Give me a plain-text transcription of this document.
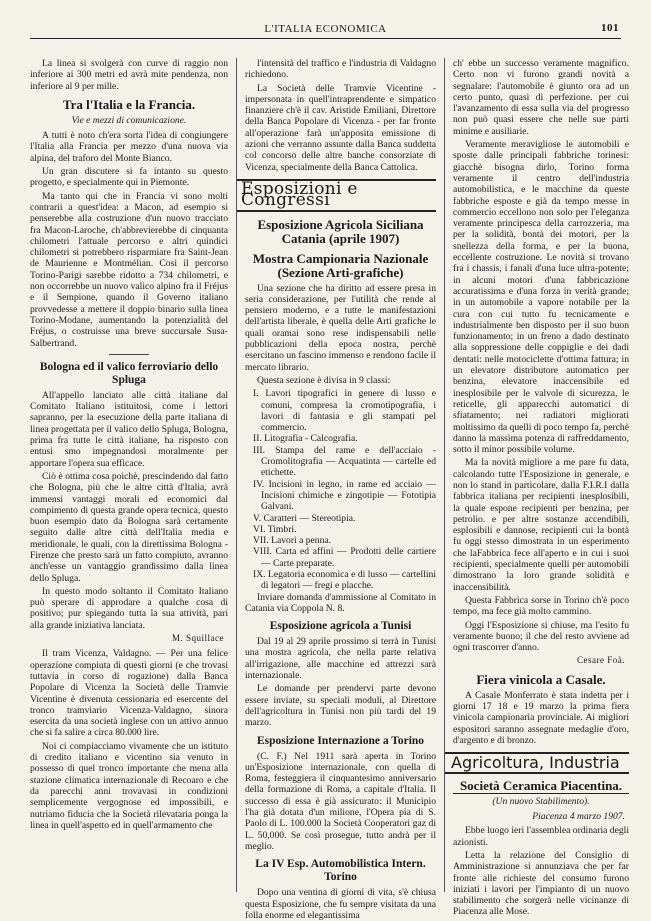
L'ITALIA ECONOMICA	101

La linea si svolgerà con curve di raggio non inferiore ai 300 metri ed avrà mite pendenza, non inferiore al 9 per mille.

Tra l'Italia e la Francia.
Vie e mezzi di comunicazione.

A tutti è noto ch'era sorta l'idea di congiungere l'Italia alla Francia per mezzo d'una nuova via alpina, del traforo del Monte Bianco.

Un gran discutere si fa intanto su questo progetto, e specialmente qui in Piemonte.

Ma tanto qui che in Francia vi sono molti contrarii a quest'idea: a Macon, ad esempio si penserebbe alla costruzione d'un nuovo tracciato fra Macon-Laroche, ch'abbrevierebbe di cinquanta chilometri l'attuale percorso e altri quindici chilometri si potrebbero risparmiare fra Saint-Jean de Maurienne e Montmélian. Così il percorso Torino-Parigi sarebbe ridotto a 734 chilometri, e non occorrebbe un nuovo valico alpino fra il Fréjus e il Sempione, quando il Governo italiano provvedesse a mettere il doppio binario sulla linea Torino-Modane, aumentando la potenzialità del Fréjus, o costruisse una breve succursale Susa-Salbertrand.

Bologna ed il valico ferroviario dello Spluga

All'appello lanciato alle città italiane dal Comitato Italiano istituitosi, come i lettori sapranno, per la esecuzione della parte italiana di linea progettata per il valico dello Spluga, Bologna, prima fra tutte le città italiane, ha risposto con entusi smo impegnandosi moralmente per apportare l'opera sua efficace.

Ciò è ottima cosa poichè, prescindendo dal fatto che Bologna, più che le altre città d'Italia, avrà immensi vantaggi morali ed economici dal compimento di questa grande opera tecnica, questo buon esempio dato da Bologna sarà certamente seguito dalle altre città dell'Italia media e meridionale, le quali, con la direttissima Bologna - Firenze che presto sarà un fatto compiuto, avranno anch'esse un vantaggio grandissimo dalla linea dello Spluga.

In questo modo soltanto il Comitato Italiano può sperare di approdare a qualche cosa di positivo; pur spiegando tutta la sua attività, pari alla grande iniziativa lanciata.

M. Squillace

Il tram Vicenza, Valdagno. — Per una felice operazione compiuta di questi giorni (e che trovasi tuttavia in corso di rogazione) dalla Banca Popolare di Vicenza la Società delle Tramvie Vicentine è divenuta cessionaria ed esercente del tronco tramviario Vicenza-Valdagno, sinora esercita da una società inglese con un attivo annuo che si fa salire a circa 80.000 lire.

Noi ci compiacciamo vivamente che un istituto di credito italiano e vicentino sia venuto in possesso di quel tronco importante che mena alla stazione climatica internazionale di Recoaro e che da parecchi anni trovavasi in condizioni semplicemente vergognose ed impossibili, e nutriamo fiducia che la Società rilevataria ponga la linea in quell'aspetto ed in quell'armamento che

l'intensità del traffico e l'industria di Valdagno richiedono.

La Società delle Tramvie Vicentine - impersonata in quell'intraprendente e simpatico finanziere ch'è il cav. Aristide Emiliani, Direttore della Banca Popolare di Vicenza - per far fronte all'operazione farà un'apposita emissione di azioni che verranno assunte dalla Banca suddetta col concorso delle altre banche consorziate di Vicenza, specialmente della Banca Cattolica.

Esposizioni e Congressi
Esposizione Agricola Siciliana Catania (aprile 1907)
Mostra Campionaria Nazionale (Sezione Arti-grafiche)

Una sezione che ha diritto ad essere presa in seria considerazione, per l'utilità che rende al pensiero moderno, e a tutte le manifestazioni dell'artista liberale, è quella delle Arti grafiche le quali oramai sono rese indispensabili nelle pubblicazioni della epoca nostra, perchè esercitano un fascino immenso e rendono facile il mercato librario.

Questa sezione è divisa in 9 classi:

I. Lavori tipografici in genere di lusso e comuni, compresa la cromotipografia, i lavori di fantasia e gli stampati pel commercio.
II. Litografia - Calcografia.
III. Stampa del rame e dell'acciaio - Cromolitografia — Acquatinta — cartelle ed etichette.
IV. Incisioni in legno, in rame ed acciaio — Incisioni chimiche e zingotipie — Fototipia Galvani.
V. Caratteri — Stereotipia.
VI. Timbri.
VII. Lavori a penna.
VIII. Carta ed affini — Prodotti delle cartiere — Carte preparate.
IX. Legatoria economica e di lusso — cartellini di legatori — fregi e placche.

Inviare domanda d'ammissione al Comitato in Catania via Coppola N. 8.

Esposizione agricola a Tunisi

Dal 19 al 29 aprile prossimo si terrà in Tunisi una mostra agricola, che nella parte relativa all'irrigazione, alle macchine ed attrezzi sarà internazionale.

Le domande per prendervi parte devono essere inviate, su speciali moduli, al Direttore dell'agricoltura in Tunisi non più tardi del 19 marzo.

Esposizione Internazione a Torino

(C. F.) Nel 1911 sarà aperta in Torino un'Esposizione internazionale, con quella di Roma, festeggiera il cinquantesimo anniversario della formazione di Roma, a capitale d'Italia. Il successo di essa è già assicurato: il Municipio l'ha già dotata d'un milione, l'Opera pia di S. Paolo di L. 100.000 la Società Cooperatori gaz di L. 50,000. Se così prosegue, tutto andrà per il meglio.

La IV Esp. Automobilistica Intern. Torino

Dopo una ventina di giorni di vita, s'è chiusa questa Esposizione, che fu sempre visitata da una folla enorme ed elegantissima

ch' ebbe un successo veramente magnifico. Certo non vi furono grandi novità a segnalare: l'automobile è giunto ora ad un certo punto, quasi di perfezione. per cui l'avanzamento di essa sulla via del progresso non può quasi essere che nelle sue parti minime e ausiliarie.

Veramente meravigliose le automobili e sposte dalle principali fabbriche torinesi: giacchè bisogna dirlo, Torino forma veramente il centro dell'industria automobilistica, e le macchine da queste fabbriche esposte e già da tempo messe in commercio eccellono non solo per l'eleganza veramente principesca della carrozzeria, ma per la solidità, bontà dei motori, per la snellezza della forma, e per la buona, eccellente costruzione. Le novità si trovano fra i chassis, i fanali d'una luce ultra-potente; in alcuni motori d'una fabbricazione accuratissima e d'una forza in verità grande; in un automobile a vapore notabile per la cura con cui tutto fu tecnicamente e industrialmente ben disposto per il suo buon funzionamento; in un freno a dado destinato alla soppressione delle coppiglie e dei dadi dentati: nelle motociclette d'ottima fattura; in un elevatore distributore automatico per benzina, elevatore inaccensibile ed inesplosibile per le valvole di sicurezza, le reticelle, gli apparecchi automatici di sfiatamento; nei radiatori migliorati moltissimo da quelli di poco tempo fa, perchè danno la massima potenza di raffreddamento, sotto il minor possibile volume.

Ma la novità migliore a me pare fu data, calcolando tutte l'Esposizione in generale, e non lo stand in particolare, dalla F.I.R.I dalla fabbrica italiana per recipienti inesplosibili, la quale espone recipienti per benzina, per petrolio. e per altre sostanze accendibili, esplosibili e dannose, recipienti cui la bontà fu oggi stesso dimostrata in un esperimento che laFabbrica fece all'aperto e in cui i suoi recipienti, specialmente quelli per automobili dimostrano la loro grande solidità e inaccensibilità.

Questa Fabbrica sorse in Torino ch'è poco tempo, ma fece già molto cammino.

Oggi l'Esposizione si chiuse, ma l'esito fu veramente buono; il che del resto avviene ad ogni trascorrer d'anno.

Cesare Foà.
Fiera vinicola a Casale.

A Casale Monferrato è stata indetta per i giorni 17 18 e 19 marzo la prima fiera vinicola campionaria provinciale. Ai migliori espositori saranno assegnate medaglie d'oro, d'argento e di bronzo.

Agricoltura, Industria
Società Ceramica Piacentina.
(Un nuovo Stabilimento).
Piacenza 4 marzo 1907.

Ebbe luogo ieri l'assemblea ordinaria degli azionisti.

Letta la relazione del Consiglio di Amministrazione si annunziava che per far fronte alle richieste del consumo furono iniziati i lavori per l'impianto di un nuovo stabilimento che sorgerà nelle vicinanze di Piacenza alle Mose.
